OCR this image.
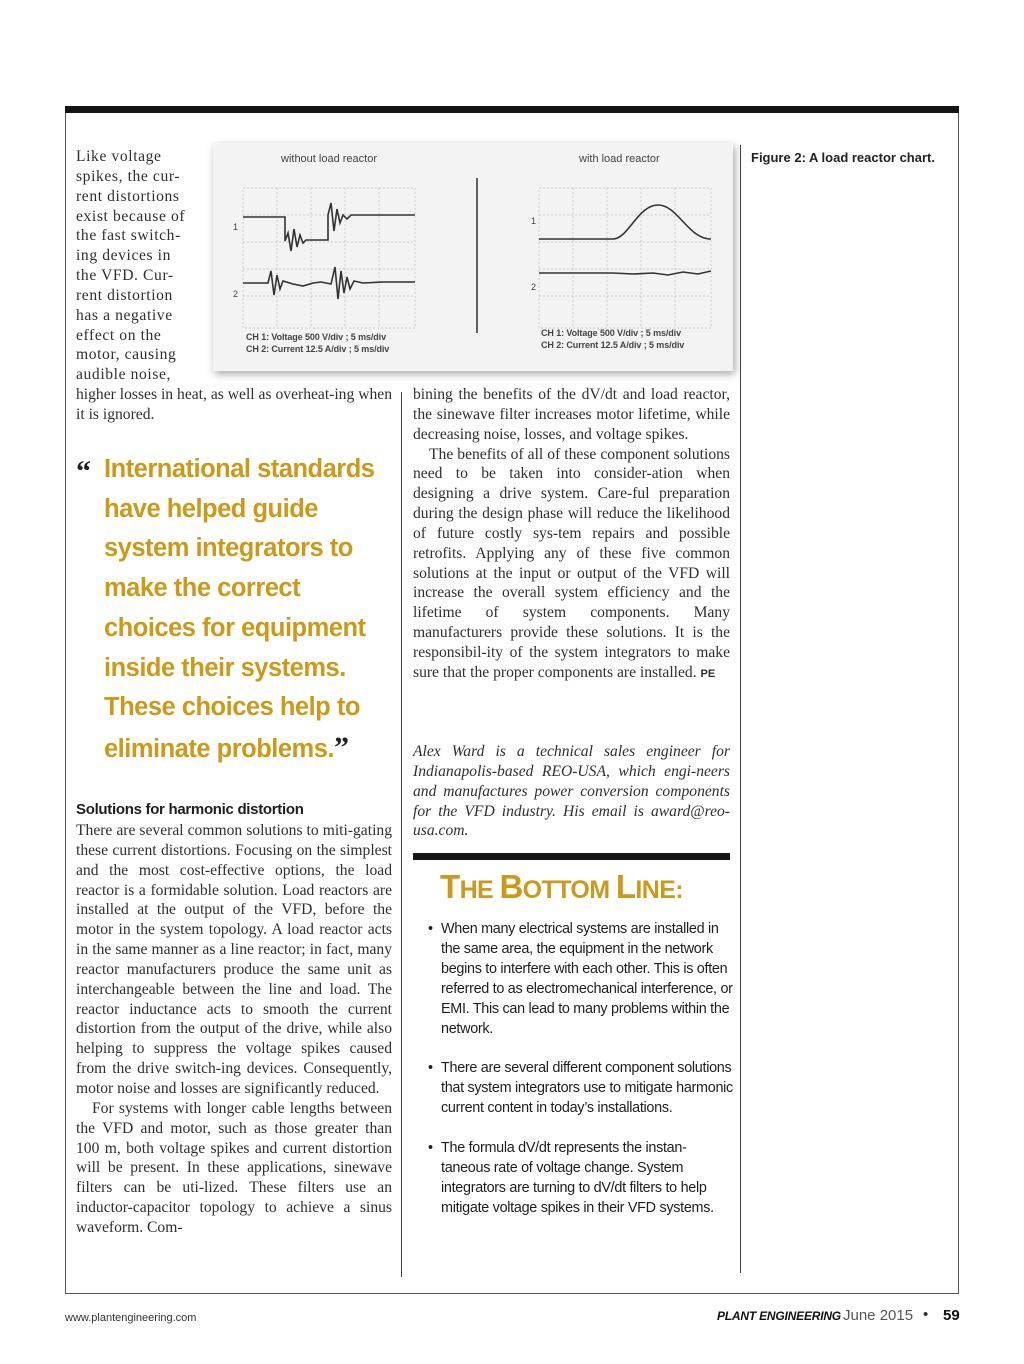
Like voltage
spikes, the cur-
rent distortions
exist because of
the fast switch-
ing devices in
the VFD. Cur-
rent distortion
has a negative
effect on the
motor, causing
audible noise,
higher losses in heat, as well as overheat-ing when it is ignored.
without load reactor	with load reactor
1
2
1
2
CH 1: Voltage 500 V/div ; 5 ms/div
CH 2: Current 12.5 A/div ; 5 ms/div
CH 1: Voltage 500 V/div ; 5 ms/div
CH 2: Current 12.5 A/div ; 5 ms/div
Figure 2: A load reactor chart.
“ International standards
have helped guide
system integrators to
make the correct
choices for equipment
inside their systems.
These choices help to
eliminate problems.”
Solutions for harmonic distortion

There are several common solutions to miti-gating these current distortions. Focusing on the simplest and the most cost-effective options, the load reactor is a formidable solution. Load reactors are installed at the output of the VFD, before the motor in the system topology. A load reactor acts in the same manner as a line reactor; in fact, many reactor manufacturers produce the same unit as interchangeable between the line and load. The reactor inductance acts to smooth the current distortion from the output of the drive, while also helping to suppress the voltage spikes caused from the drive switch-ing devices. Consequently, motor noise and losses are significantly reduced.

For systems with longer cable lengths between the VFD and motor, such as those greater than 100 m, both voltage spikes and current distortion will be present. In these applications, sinewave filters can be uti-lized. These filters use an inductor-capacitor topology to achieve a sinus waveform. Com-

bining the benefits of the dV/dt and load reactor, the sinewave filter increases motor lifetime, while decreasing noise, losses, and voltage spikes.

The benefits of all of these component solutions need to be taken into consider-ation when designing a drive system. Care-ful preparation during the design phase will reduce the likelihood of future costly sys-tem repairs and possible retrofits. Applying any of these five common solutions at the input or output of the VFD will increase the overall system efficiency and the lifetime of system components. Many manufacturers provide these solutions. It is the responsibil-ity of the system integrators to make sure that the proper components are installed. PE

Alex Ward is a technical sales engineer for Indianapolis-based REO-USA, which engi-neers and manufactures power conversion components for the VFD industry. His email is award@reo-usa.com.
THE BOTTOM LINE:
• When many electrical systems are installed in the same area, the equipment in the network begins to interfere with each other. This is often referred to as electromechanical interference, or EMI. This can lead to many problems within the network.
• There are several different component solutions that system integrators use to mitigate harmonic current content in today’s installations.
• The formula dV/dt represents the instan-taneous rate of voltage change. System integrators are turning to dV/dt filters to help mitigate voltage spikes in their VFD systems.
www.plantengineering.com	PLANT ENGINEERING June 2015 • 59
